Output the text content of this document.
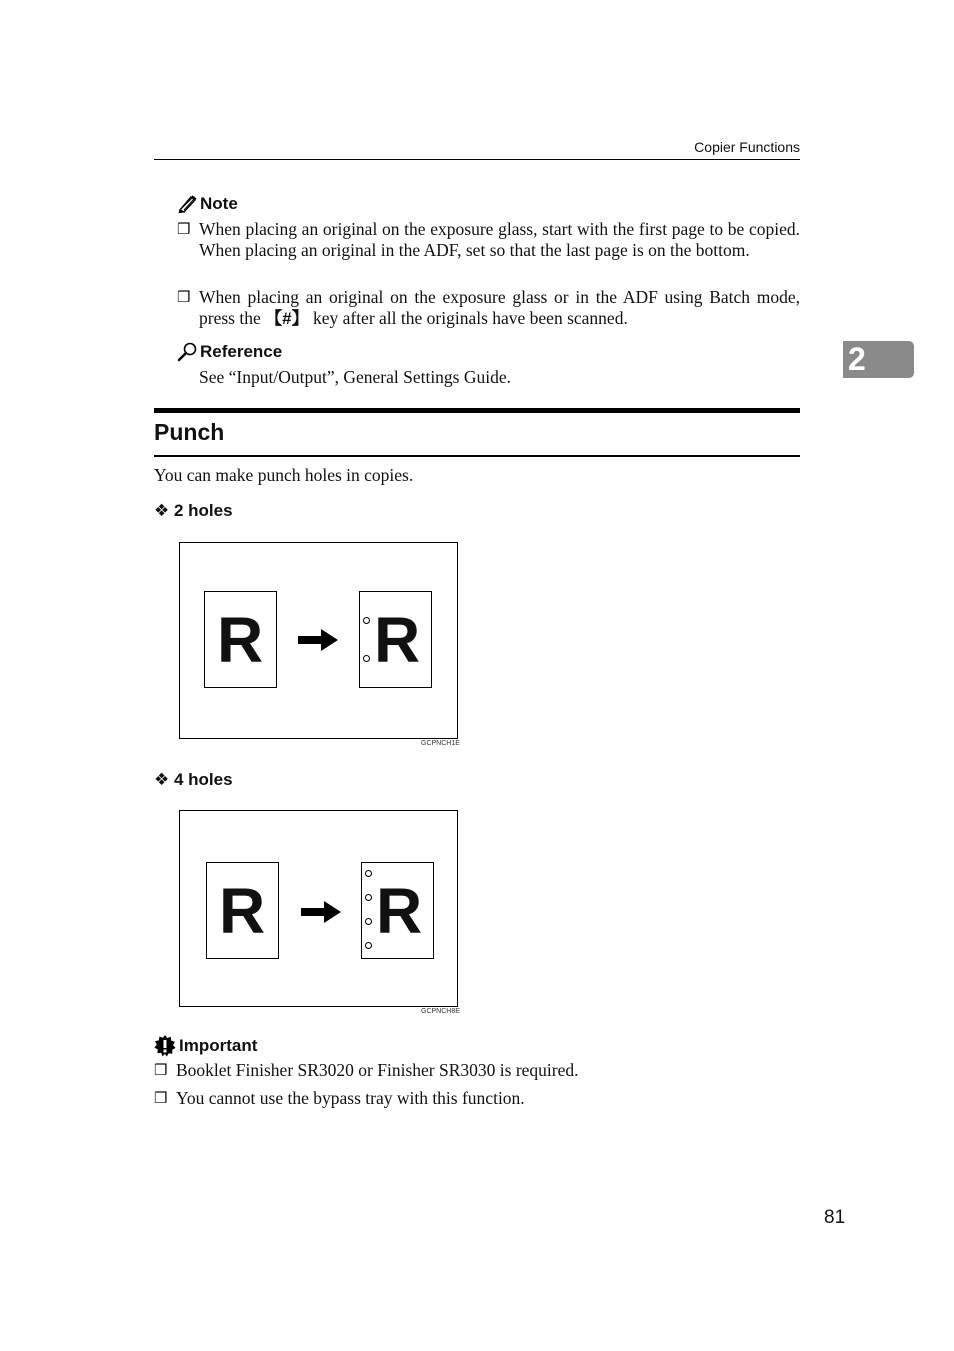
Copier Functions
Note
❒ When placing an original on the exposure glass, start with the first page to be copied. When placing an original in the ADF, set so that the last page is on the bottom.
❒ When placing an original on the exposure glass or in the ADF using Batch mode, press the 【#】 key after all the originals have been scanned.
Reference
See “Input/Output”, General Settings Guide.	2
Punch
You can make punch holes in copies.
❖ 2 holes
R R
GCPNCH1E
❖ 4 holes
R R
GCPNCH8E
Important
❒ Booklet Finisher SR3020 or Finisher SR3030 is required.
❒ You cannot use the bypass tray with this function.
81
